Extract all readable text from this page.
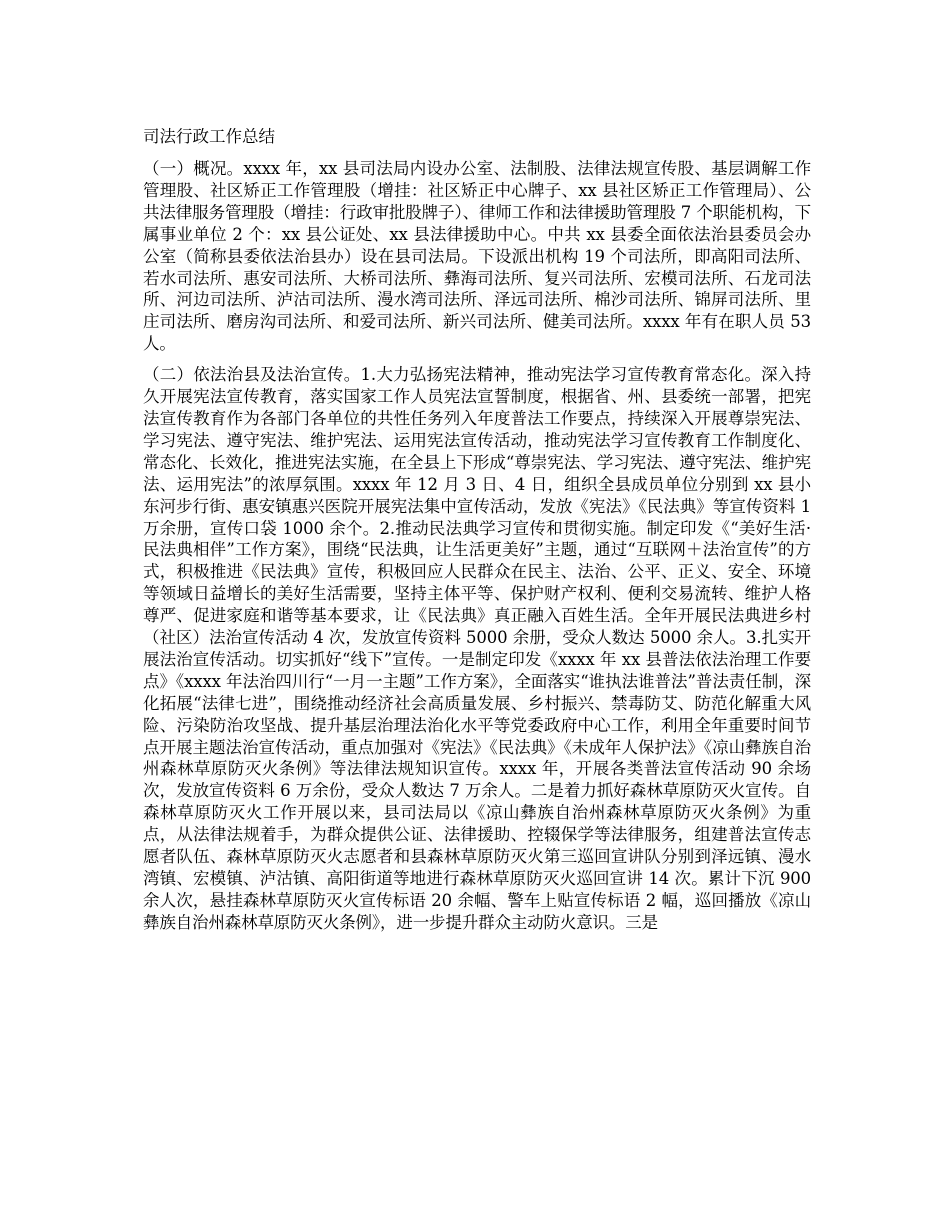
司法行政工作总结

（一）概况。xxxx 年，xx 县司法局内设办公室、法制股、法律法规宣传股、基层调解工作管理股、社区矫正工作管理股（增挂：社区矫正中心牌子、xx 县社区矫正工作管理局）、公共法律服务管理股（增挂：行政审批股牌子）、律师工作和法律援助管理股 7 个职能机构，下属事业单位 2 个：xx 县公证处、xx 县法律援助中心。中共 xx 县委全面依法治县委员会办公室（简称县委依法治县办）设在县司法局。下设派出机构 19 个司法所，即高阳司法所、若水司法所、惠安司法所、大桥司法所、彝海司法所、复兴司法所、宏模司法所、石龙司法所、河边司法所、泸沽司法所、漫水湾司法所、泽远司法所、棉沙司法所、锦屏司法所、里庄司法所、磨房沟司法所、和爱司法所、新兴司法所、健美司法所。xxxx 年有在职人员 53 人。

（二）依法治县及法治宣传。1.大力弘扬宪法精神，推动宪法学习宣传教育常态化。深入持久开展宪法宣传教育，落实国家工作人员宪法宣誓制度，根据省、州、县委统一部署，把宪法宣传教育作为各部门各单位的共性任务列入年度普法工作要点，持续深入开展尊崇宪法、学习宪法、遵守宪法、维护宪法、运用宪法宣传活动，推动宪法学习宣传教育工作制度化、常态化、长效化，推进宪法实施，在全县上下形成“尊崇宪法、学习宪法、遵守宪法、维护宪法、运用宪法”的浓厚氛围。xxxx 年 12 月 3 日、4 日，组织全县成员单位分别到 xx 县小东河步行街、惠安镇惠兴医院开展宪法集中宣传活动，发放《宪法》《民法典》等宣传资料 1 万余册，宣传口袋 1000 余个。2.推动民法典学习宣传和贯彻实施。制定印发《“美好生活·民法典相伴”工作方案》，围绕“民法典，让生活更美好”主题，通过“互联网＋法治宣传”的方式，积极推进《民法典》宣传，积极回应人民群众在民主、法治、公平、正义、安全、环境等领域日益增长的美好生活需要，坚持主体平等、保护财产权利、便利交易流转、维护人格尊严、促进家庭和谐等基本要求，让《民法典》真正融入百姓生活。全年开展民法典进乡村（社区）法治宣传活动 4 次，发放宣传资料 5000 余册，受众人数达 5000 余人。3.扎实开展法治宣传活动。切实抓好“线下”宣传。一是制定印发《xxxx 年 xx 县普法依法治理工作要点》《xxxx 年法治四川行“一月一主题”工作方案》，全面落实“谁执法谁普法”普法责任制，深化拓展“法律七进”，围绕推动经济社会高质量发展、乡村振兴、禁毒防艾、防范化解重大风险、污染防治攻坚战、提升基层治理法治化水平等党委政府中心工作，利用全年重要时间节点开展主题法治宣传活动，重点加强对《宪法》《民法典》《未成年人保护法》《凉山彝族自治州森林草原防灭火条例》等法律法规知识宣传。xxxx 年，开展各类普法宣传活动 90 余场次，发放宣传资料 6 万余份，受众人数达 7 万余人。二是着力抓好森林草原防灭火宣传。自森林草原防灭火工作开展以来，县司法局以《凉山彝族自治州森林草原防灭火条例》为重点，从法律法规着手，为群众提供公证、法律援助、控辍保学等法律服务，组建普法宣传志愿者队伍、森林草原防灭火志愿者和县森林草原防灭火第三巡回宣讲队分别到泽远镇、漫水湾镇、宏模镇、泸沽镇、高阳街道等地进行森林草原防灭火巡回宣讲 14 次。累计下沉 900 余人次，悬挂森林草原防灭火宣传标语 20 余幅、警车上贴宣传标语 2 幅，巡回播放《凉山彝族自治州森林草原防灭火条例》，进一步提升群众主动防火意识。三是
